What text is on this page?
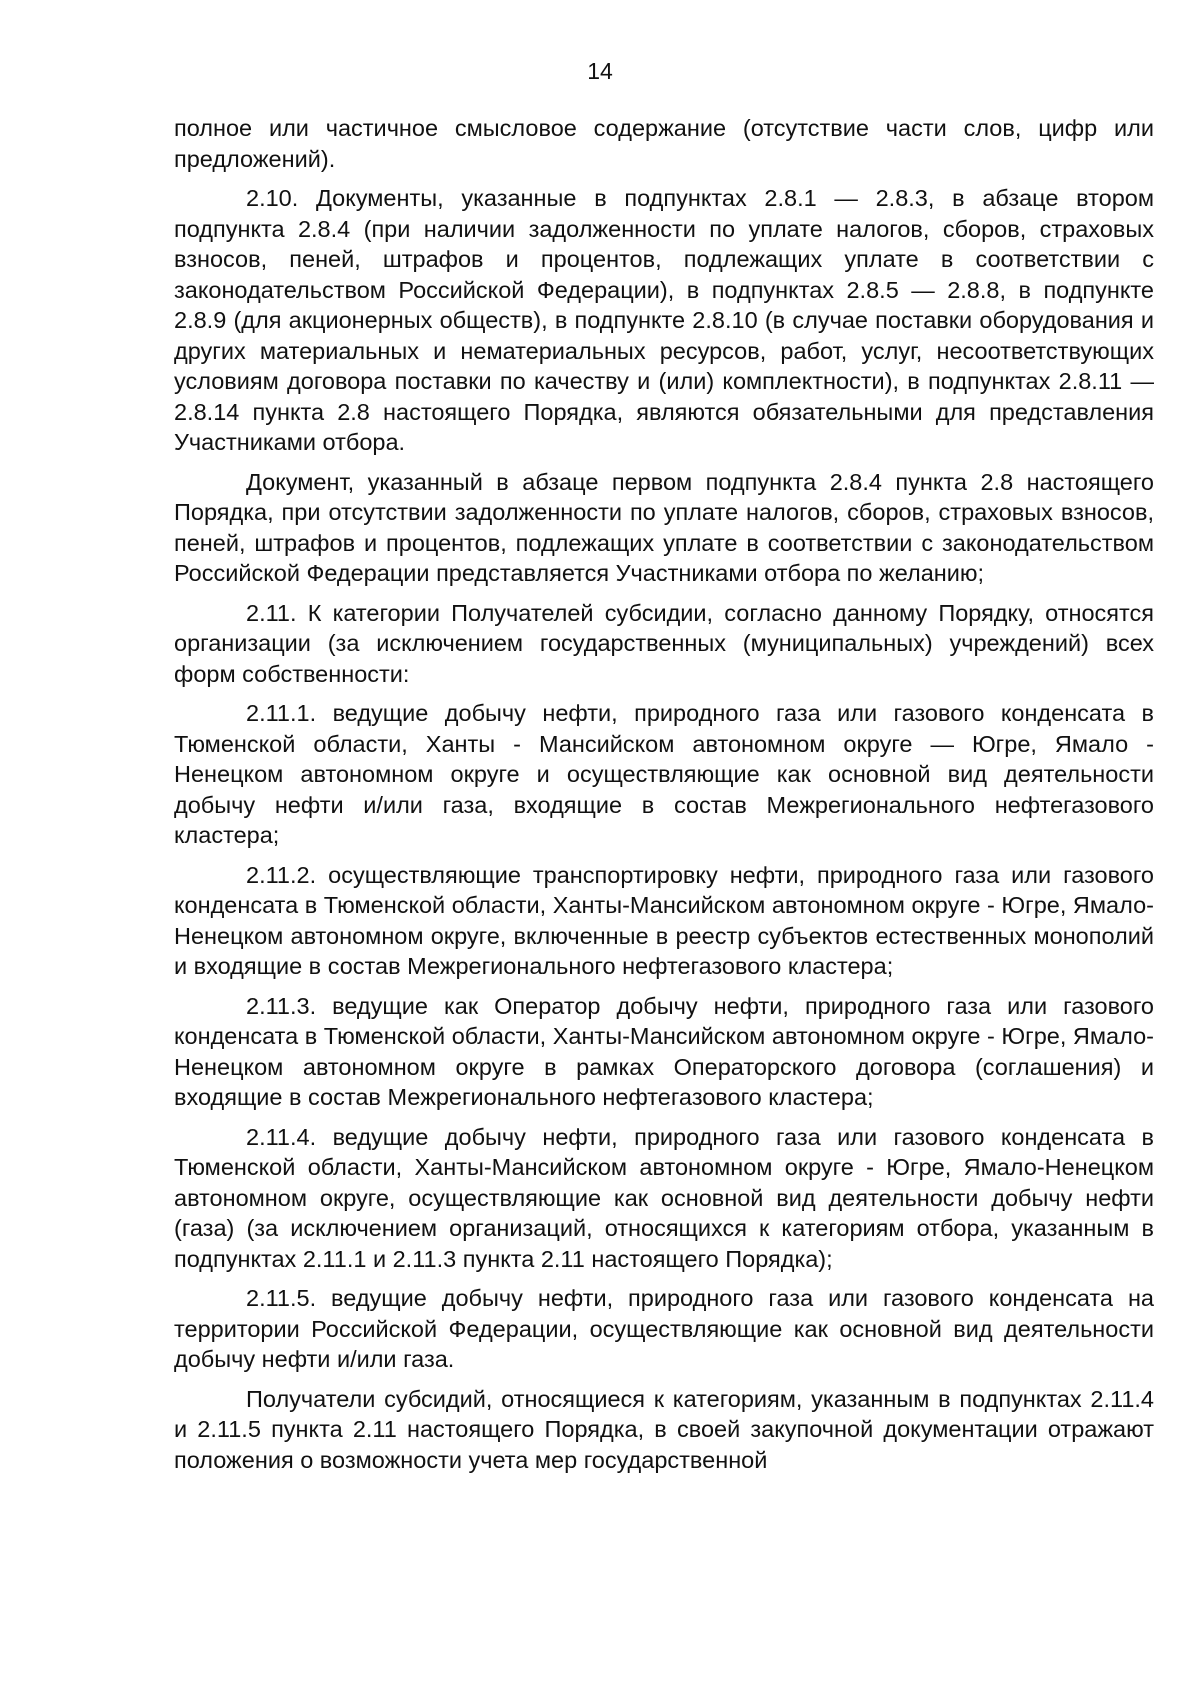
14

полное или частичное смысловое содержание (отсутствие части слов, цифр или предложений).

2.10. Документы, указанные в подпунктах 2.8.1 — 2.8.3, в абзаце втором подпункта 2.8.4 (при наличии задолженности по уплате налогов, сборов, страховых взносов, пеней, штрафов и процентов, подлежащих уплате в соответствии с законодательством Российской Федерации), в подпунктах 2.8.5 — 2.8.8, в подпункте 2.8.9 (для акционерных обществ), в подпункте 2.8.10 (в случае поставки оборудования и других материальных и нематериальных ресурсов, работ, услуг, несоответствующих условиям договора поставки по качеству и (или) комплектности), в подпунктах 2.8.11 — 2.8.14 пункта 2.8 настоящего Порядка, являются обязательными для представления Участниками отбора.

Документ, указанный в абзаце первом подпункта 2.8.4 пункта 2.8 настоящего Порядка, при отсутствии задолженности по уплате налогов, сборов, страховых взносов, пеней, штрафов и процентов, подлежащих уплате в соответствии с законодательством Российской Федерации представляется Участниками отбора по желанию;

2.11. К категории Получателей субсидии, согласно данному Порядку, относятся организации (за исключением государственных (муниципальных) учреждений) всех форм собственности:

2.11.1. ведущие добычу нефти, природного газа или газового конденсата в Тюменской области, Ханты - Мансийском автономном округе — Югре, Ямало - Ненецком автономном округе и осуществляющие как основной вид деятельности добычу нефти и/или газа, входящие в состав Межрегионального нефтегазового кластера;

2.11.2. осуществляющие транспортировку нефти, природного газа или газового конденсата в Тюменской области, Ханты-Мансийском автономном округе - Югре, Ямало-Ненецком автономном округе, включенные в реестр субъектов естественных монополий и входящие в состав Межрегионального нефтегазового кластера;

2.11.3. ведущие как Оператор добычу нефти, природного газа или газового конденсата в Тюменской области, Ханты-Мансийском автономном округе - Югре, Ямало-Ненецком автономном округе в рамках Операторского договора (соглашения) и входящие в состав Межрегионального нефтегазового кластера;

2.11.4. ведущие добычу нефти, природного газа или газового конденсата в Тюменской области, Ханты-Мансийском автономном округе - Югре, Ямало-Ненецком автономном округе, осуществляющие как основной вид деятельности добычу нефти (газа) (за исключением организаций, относящихся к категориям отбора, указанным в подпунктах 2.11.1 и 2.11.3 пункта 2.11 настоящего Порядка);

2.11.5. ведущие добычу нефти, природного газа или газового конденсата на территории Российской Федерации, осуществляющие как основной вид деятельности добычу нефти и/или газа.

Получатели субсидий, относящиеся к категориям, указанным в подпунктах 2.11.4 и 2.11.5 пункта 2.11 настоящего Порядка, в своей закупочной документации отражают положения о возможности учета мер государственной
